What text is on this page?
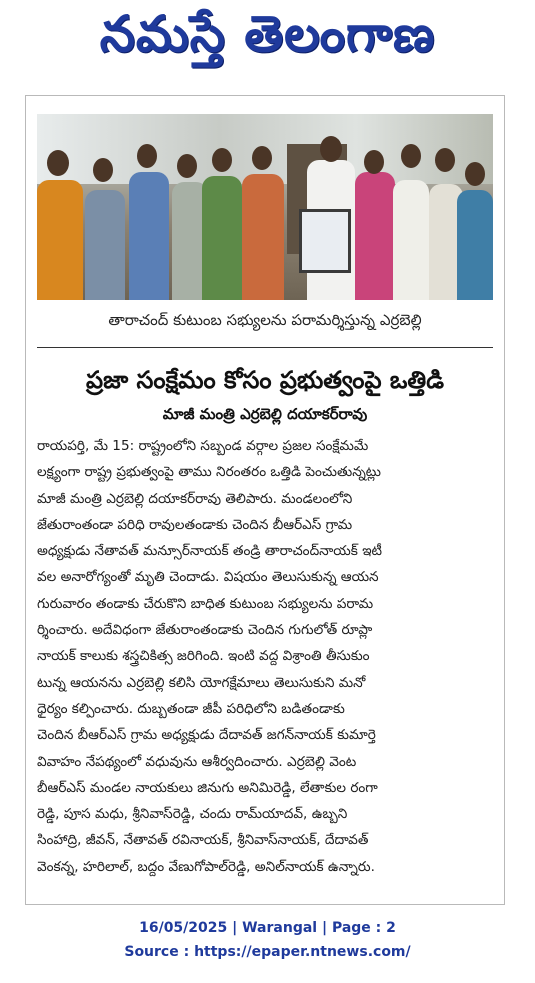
నమస్తే తెలంగాణ
తారాచంద్ కుటుంబ సభ్యులను పరామర్శిస్తున్న ఎర్రబెల్లి
ప్రజా సంక్షేమం కోసం ప్రభుత్వంపై ఒత్తిడి
మాజీ మంత్రి ఎర్రబెల్లి దయాకర్‌రావు
రాయపర్తి, మే 15: రాష్ట్రంలోని సబ్బండ వర్గాల ప్రజల సంక్షేమమే
లక్ష్యంగా రాష్ట్ర ప్రభుత్వంపై తాము నిరంతరం ఒత్తిడి పెంచుతున్నట్లు
మాజీ మంత్రి ఎర్రబెల్లి దయాకర్‌రావు తెలిపారు. మండలంలోని
జేతురాంతండా పరిధి రావులతండాకు చెందిన బీఆర్‌ఎస్ గ్రామ
అధ్యక్షుడు నేతావత్ మన్సూర్‌నాయక్ తండ్రి తారాచంద్‌నాయక్ ఇటీ
వల అనారోగ్యంతో మృతి చెందాడు. విషయం తెలుసుకున్న ఆయన
గురువారం తండాకు చేరుకొని బాధిత కుటుంబ సభ్యులను పరామ
ర్శించారు. అదేవిధంగా జేతురాంతండాకు చెందిన గుగులోత్ రూప్లా
నాయక్ కాలుకు శస్త్రచికిత్స జరిగింది. ఇంటి వద్ద విశ్రాంతి తీసుకుం
టున్న ఆయనను ఎర్రబెల్లి కలిసి యోగక్షేమాలు తెలుసుకుని మనో
ధైర్యం కల్పించారు. దుబ్బతండా జీపీ పరిధిలోని బడితండాకు
చెందిన బీఆర్‌ఎస్ గ్రామ అధ్యక్షుడు దేదావత్ జగన్‌నాయక్ కుమార్తె
వివాహం నేపథ్యంలో వధువును ఆశీర్వదించారు. ఎర్రబెల్లి వెంట
బీఆర్‌ఎస్ మండల నాయకులు జినుగు అనిమిరెడ్డి, లేతాకుల రంగా
రెడ్డి, పూస మధు, శ్రీనివాస్‌రెడ్డి, చందు రామ్‌యాదవ్, ఉబ్బని
సింహాద్రి, జీవన్, నేతావత్ రవినాయక్, శ్రీనివాస్‌నాయక్, దేదావత్
వెంకన్న, హరిలాల్, బద్దం వేణుగోపాల్‌రెడ్డి, అనిల్‌నాయక్ ఉన్నారు.
16/05/2025 | Warangal | Page : 2
Source : https://epaper.ntnews.com/
